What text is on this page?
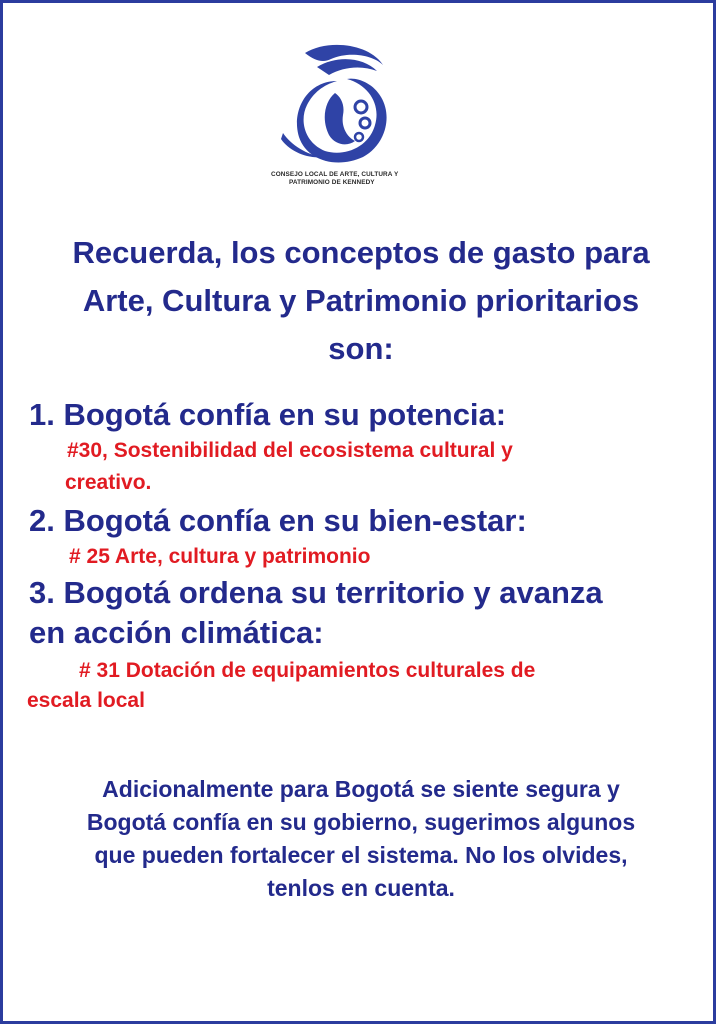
CONSEJO LOCAL DE ARTE, CULTURA Y
PATRIMONIO DE KENNEDY
Recuerda, los conceptos de gasto para
Arte, Cultura y Patrimonio prioritarios
son:
1. Bogotá confía en su potencia:
#30, Sostenibilidad del ecosistema cultural y
creativo.
2. Bogotá confía en su bien-estar:
# 25 Arte, cultura y patrimonio
3. Bogotá ordena su territorio y avanza
en acción climática:
# 31 Dotación de equipamientos culturales de
escala local
Adicionalmente para Bogotá se siente segura y
Bogotá confía en su gobierno, sugerimos algunos
que pueden fortalecer el sistema. No los olvides,
tenlos en cuenta.
